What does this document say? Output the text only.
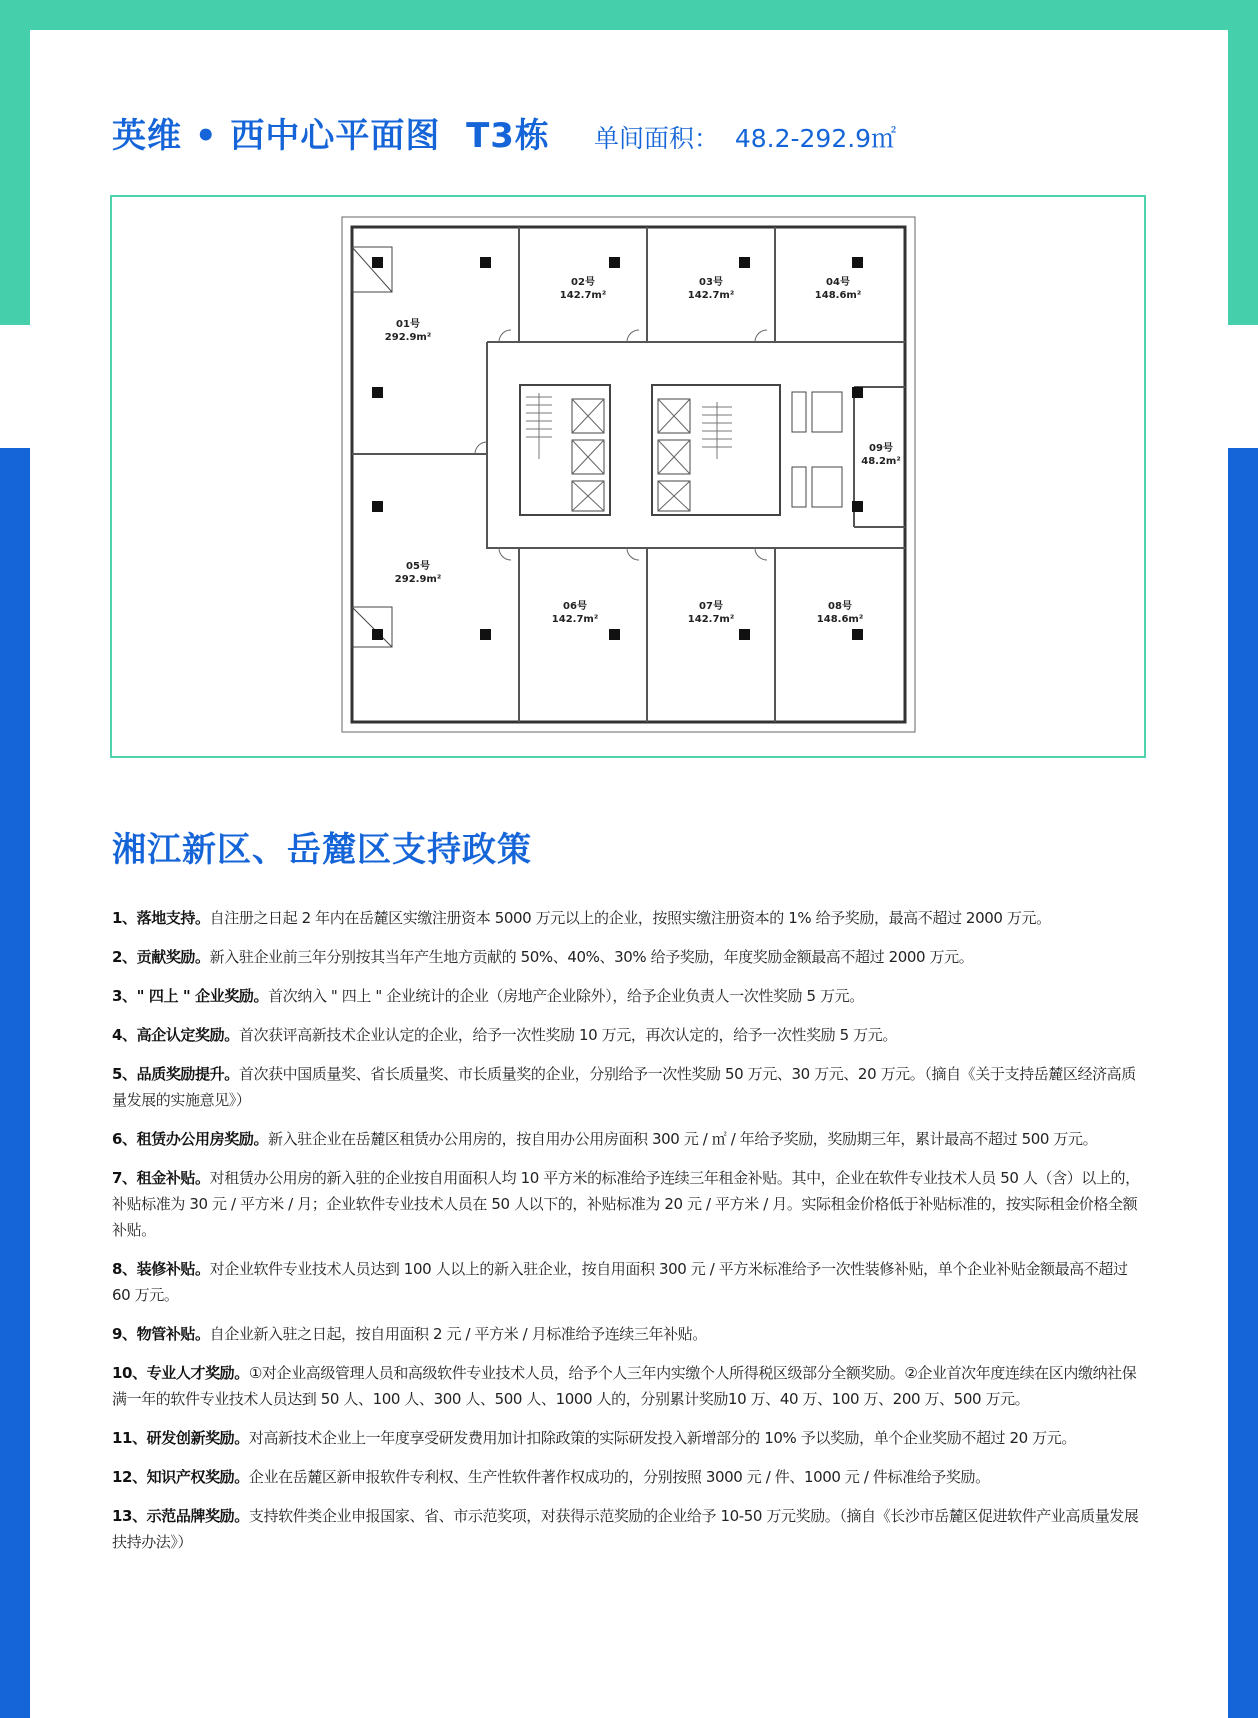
英维 • 西中心平面图  T3栋 单间面积：  48.2-292.9㎡
01号
292.9m²
02号
142.7m²
03号
142.7m²
04号
148.6m²
05号
292.9m²
06号
142.7m²
07号
142.7m²
08号
148.6m²
09号
48.2m²
湘江新区、岳麓区支持政策
1、落地支持。自注册之日起 2 年内在岳麓区实缴注册资本 5000 万元以上的企业，按照实缴注册资本的 1% 给予奖励，最高不超过 2000 万元。
2、贡献奖励。新入驻企业前三年分别按其当年产生地方贡献的 50%、40%、30% 给予奖励，年度奖励金额最高不超过 2000 万元。
3、" 四上 " 企业奖励。首次纳入 " 四上 " 企业统计的企业（房地产企业除外），给予企业负责人一次性奖励 5 万元。
4、高企认定奖励。首次获评高新技术企业认定的企业，给予一次性奖励 10 万元，再次认定的，给予一次性奖励 5 万元。
5、品质奖励提升。首次获中国质量奖、省长质量奖、市长质量奖的企业，分别给予一次性奖励 50 万元、30 万元、20 万元。（摘自《关于支持岳麓区经济高质量发展的实施意见》）
6、租赁办公用房奖励。新入驻企业在岳麓区租赁办公用房的，按自用办公用房面积 300 元 / ㎡ / 年给予奖励，奖励期三年，累计最高不超过 500 万元。
7、租金补贴。对租赁办公用房的新入驻的企业按自用面积人均 10 平方米的标准给予连续三年租金补贴。其中，企业在软件专业技术人员 50 人（含）以上的，补贴标准为 30 元 / 平方米 / 月；企业软件专业技术人员在 50 人以下的，补贴标准为 20 元 / 平方米 / 月。实际租金价格低于补贴标准的，按实际租金价格全额补贴。
8、装修补贴。对企业软件专业技术人员达到 100 人以上的新入驻企业，按自用面积 300 元 / 平方米标准给予一次性装修补贴，单个企业补贴金额最高不超过 60 万元。
9、物管补贴。自企业新入驻之日起，按自用面积 2 元 / 平方米 / 月标准给予连续三年补贴。
10、专业人才奖励。①对企业高级管理人员和高级软件专业技术人员，给予个人三年内实缴个人所得税区级部分全额奖励。②企业首次年度连续在区内缴纳社保满一年的软件专业技术人员达到 50 人、100 人、300 人、500 人、1000 人的，分别累计奖励10 万、40 万、100 万、200 万、500 万元。
11、研发创新奖励。对高新技术企业上一年度享受研发费用加计扣除政策的实际研发投入新增部分的 10% 予以奖励，单个企业奖励不超过 20 万元。
12、知识产权奖励。企业在岳麓区新申报软件专利权、生产性软件著作权成功的，分别按照 3000 元 / 件、1000 元 / 件标准给予奖励。
13、示范品牌奖励。支持软件类企业申报国家、省、市示范奖项，对获得示范奖励的企业给予 10-50 万元奖励。（摘自《长沙市岳麓区促进软件产业高质量发展扶持办法》）
